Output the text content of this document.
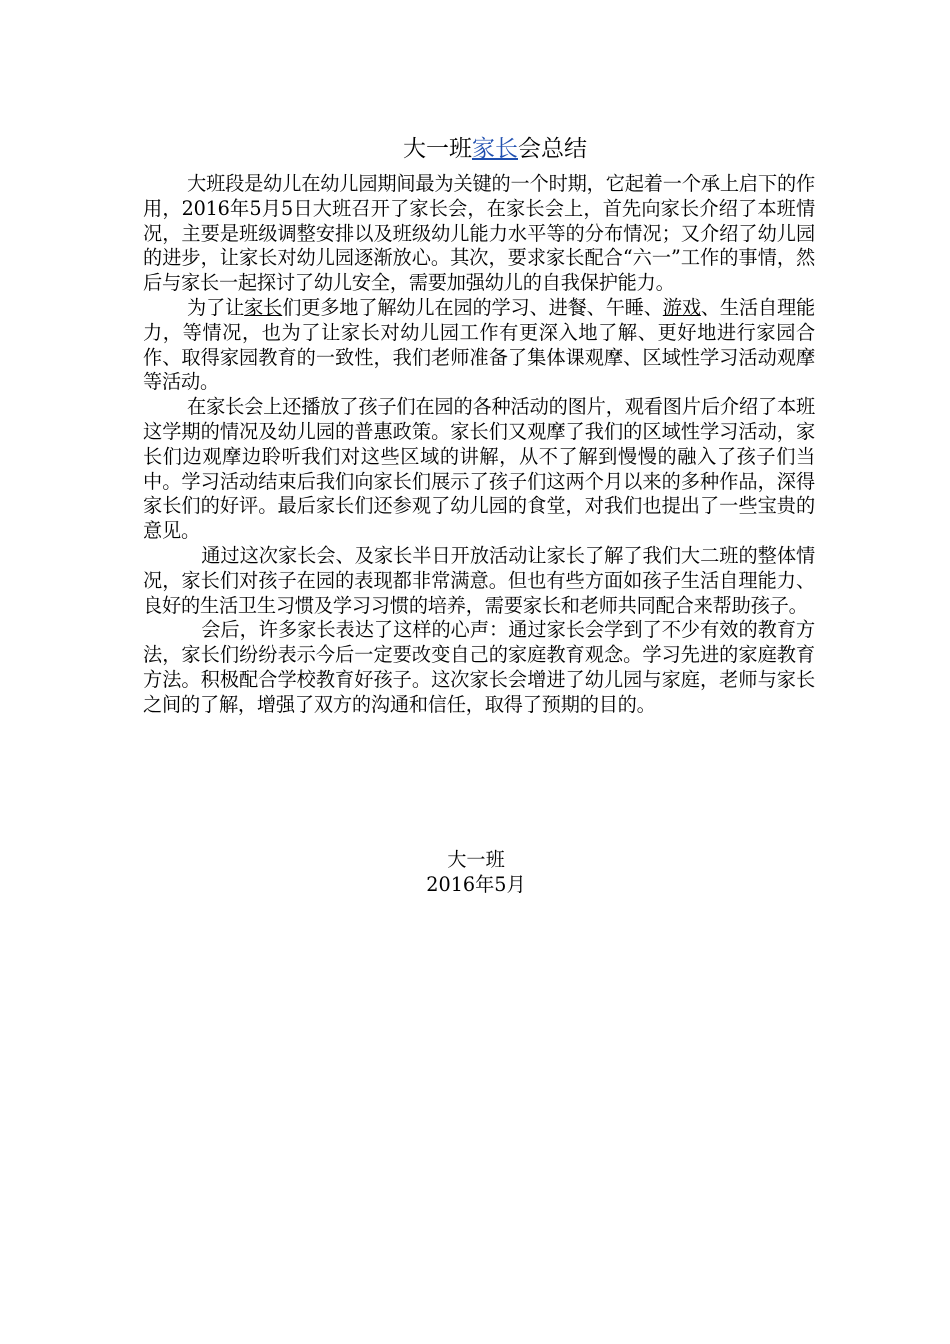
大一班家长会总结

大班段是幼儿在幼儿园期间最为关键的一个时期，它起着一个承上启下的作用，2016年5月5日大班召开了家长会，在家长会上，首先向家长介绍了本班情况，主要是班级调整安排以及班级幼儿能力水平等的分布情况；又介绍了幼儿园的进步，让家长对幼儿园逐渐放心。其次，要求家长配合“六一”工作的事情，然后与家长一起探讨了幼儿安全，需要加强幼儿的自我保护能力。

为了让家长们更多地了解幼儿在园的学习、进餐、午睡、游戏、生活自理能力，等情况，也为了让家长对幼儿园工作有更深入地了解、更好地进行家园合作、取得家园教育的一致性，我们老师准备了集体课观摩、区域性学习活动观摩等活动。

在家长会上还播放了孩子们在园的各种活动的图片，观看图片后介绍了本班这学期的情况及幼儿园的普惠政策。家长们又观摩了我们的区域性学习活动，家长们边观摩边聆听我们对这些区域的讲解，从不了解到慢慢的融入了孩子们当中。学习活动结束后我们向家长们展示了孩子们这两个月以来的多种作品，深得家长们的好评。最后家长们还参观了幼儿园的食堂，对我们也提出了一些宝贵的意见。

通过这次家长会、及家长半日开放活动让家长了解了我们大二班的整体情况，家长们对孩子在园的表现都非常满意。但也有些方面如孩子生活自理能力、良好的生活卫生习惯及学习习惯的培养，需要家长和老师共同配合来帮助孩子。

会后，许多家长表达了这样的心声：通过家长会学到了不少有效的教育方法，家长们纷纷表示今后一定要改变自己的家庭教育观念。学习先进的家庭教育方法。积极配合学校教育好孩子。这次家长会增进了幼儿园与家庭，老师与家长之间的了解，增强了双方的沟通和信任，取得了预期的目的。

大一班
2016年5月
